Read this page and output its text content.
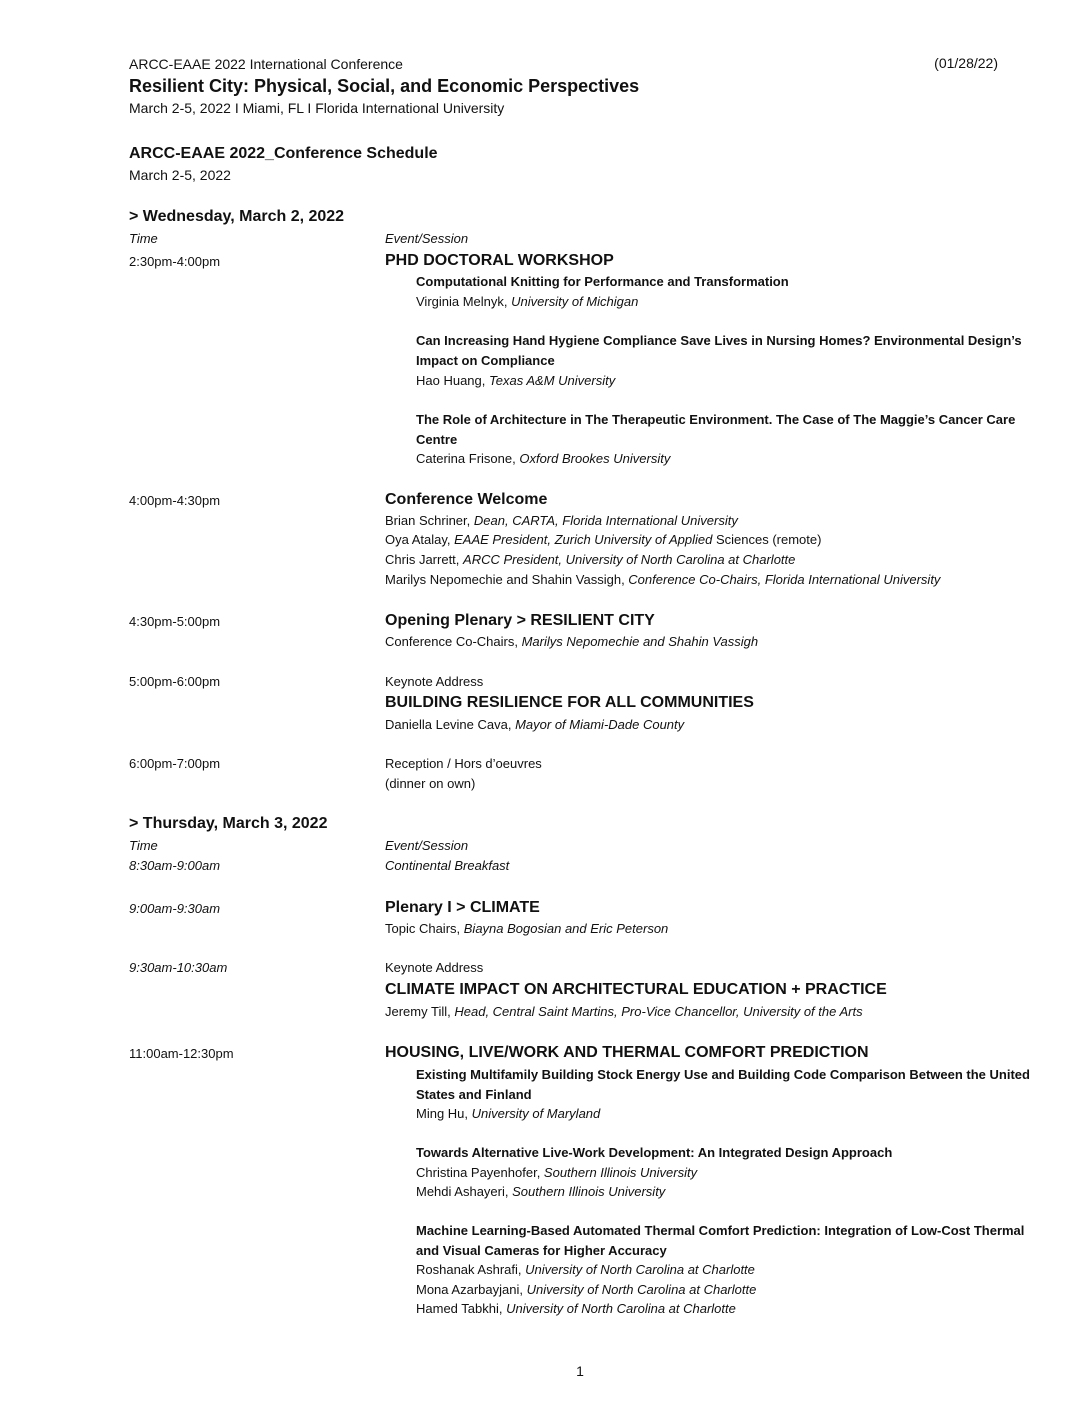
ARCC-EAAE 2022 International Conference	(01/28/22)
Resilient City: Physical, Social, and Economic Perspectives
March 2-5, 2022 I Miami, FL I Florida International University
ARCC-EAAE 2022_Conference Schedule
March 2-5, 2022
> Wednesday, March 2, 2022
Time	Event/Session
2:30pm-4:00pm	PHD DOCTORAL WORKSHOP
Computational Knitting for Performance and Transformation
Virginia Melnyk, University of Michigan
Can Increasing Hand Hygiene Compliance Save Lives in Nursing Homes? Environmental Design’s Impact on Compliance
Hao Huang, Texas A&M University
The Role of Architecture in The Therapeutic Environment. The Case of The Maggie’s Cancer Care Centre
Caterina Frisone, Oxford Brookes University
4:00pm-4:30pm	Conference Welcome
Brian Schriner, Dean, CARTA, Florida International University
Oya Atalay, EAAE President, Zurich University of Applied Sciences (remote)
Chris Jarrett, ARCC President, University of North Carolina at Charlotte
Marilys Nepomechie and Shahin Vassigh, Conference Co-Chairs, Florida International University
4:30pm-5:00pm	Opening Plenary > RESILIENT CITY
Conference Co-Chairs, Marilys Nepomechie and Shahin Vassigh
5:00pm-6:00pm	Keynote Address
BUILDING RESILIENCE FOR ALL COMMUNITIES
Daniella Levine Cava, Mayor of Miami-Dade County
6:00pm-7:00pm	Reception / Hors d’oeuvres
(dinner on own)
> Thursday, March 3, 2022
Time	Event/Session
8:30am-9:00am	Continental Breakfast
9:00am-9:30am	Plenary I > CLIMATE
Topic Chairs, Biayna Bogosian and Eric Peterson
9:30am-10:30am	Keynote Address
CLIMATE IMPACT ON ARCHITECTURAL EDUCATION + PRACTICE
Jeremy Till, Head, Central Saint Martins, Pro-Vice Chancellor, University of the Arts
11:00am-12:30pm	HOUSING, LIVE/WORK AND THERMAL COMFORT PREDICTION
Existing Multifamily Building Stock Energy Use and Building Code Comparison Between the United States and Finland
Ming Hu, University of Maryland
Towards Alternative Live-Work Development: An Integrated Design Approach
Christina Payenhofer, Southern Illinois University
Mehdi Ashayeri, Southern Illinois University
Machine Learning-Based Automated Thermal Comfort Prediction: Integration of Low-Cost Thermal and Visual Cameras for Higher Accuracy
Roshanak Ashrafi, University of North Carolina at Charlotte
Mona Azarbayjani, University of North Carolina at Charlotte
Hamed Tabkhi, University of North Carolina at Charlotte
1
